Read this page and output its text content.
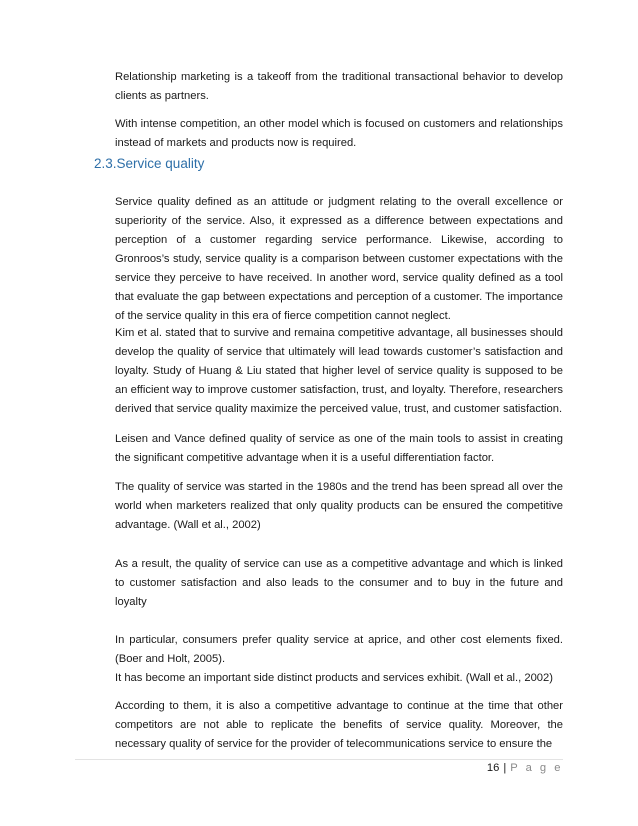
Relationship marketing is a takeoff from the traditional transactional behavior to develop clients as partners.

With intense competition, an other model which is focused on customers and relationships instead of markets and products now is required.

2.3.Service quality

Service quality defined as an attitude or judgment relating to the overall excellence or superiority of the service. Also, it expressed as a difference between expectations and perception of a customer regarding service performance. Likewise, according to Gronroos’s study, service quality is a comparison between customer expectations with the service they perceive to have received. In another word, service quality defined as a tool that evaluate the gap between expectations and perception of a customer. The importance of the service quality in this era of fierce competition cannot neglect.

Kim et al. stated that to survive and remaina competitive advantage, all businesses should develop the quality of service that ultimately will lead towards customer’s satisfaction and loyalty. Study of Huang & Liu stated that higher level of service quality is supposed to be an efficient way to improve customer satisfaction, trust, and loyalty. Therefore, researchers derived that service quality maximize the perceived value, trust, and customer satisfaction.

Leisen and Vance defined quality of service as one of the main tools to assist in creating the significant competitive advantage when it is a useful differentiation factor.

The quality of service was started in the 1980s and the trend has been spread all over the world when marketers realized that only quality products can be ensured the competitive advantage. (Wall et al., 2002)

As a result, the quality of service can use as a competitive advantage and which is linked to customer satisfaction and also leads to the consumer and to buy in the future and loyalty

In particular, consumers prefer quality service at aprice, and other cost elements fixed. (Boer and Holt, 2005).

It has become an important side distinct products and services exhibit. (Wall et al., 2002)

According to them, it is also a competitive advantage to continue at the time that other competitors are not able to replicate the benefits of service quality. Moreover, the necessary quality of service for the provider of telecommunications service to ensure the

16 | P a g e
